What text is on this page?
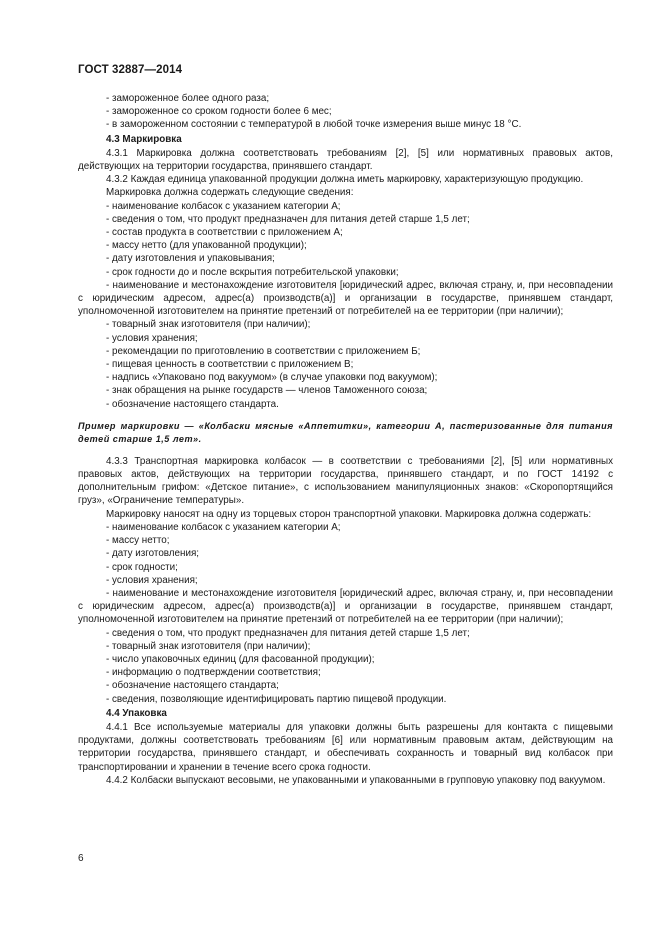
ГОСТ 32887—2014
- замороженное более одного раза;
- замороженное со сроком годности более 6 мес;
- в замороженном состоянии с температурой в любой точке измерения выше минус 18 °С.
4.3 Маркировка
4.3.1 Маркировка должна соответствовать требованиям [2], [5] или нормативных правовых актов, действующих на территории государства, принявшего стандарт.
4.3.2 Каждая единица упакованной продукции должна иметь маркировку, характеризующую продукцию.
Маркировка должна содержать следующие сведения:
- наименование колбасок с указанием категории А;
- сведения о том, что продукт предназначен для питания детей старше 1,5 лет;
- состав продукта в соответствии с приложением А;
- массу нетто (для упакованной продукции);
- дату изготовления и упаковывания;
- срок годности до и после вскрытия потребительской упаковки;
- наименование и местонахождение изготовителя [юридический адрес, включая страну, и, при несовпадении с юридическим адресом, адрес(а) производств(а)] и организации в государстве, принявшем стандарт, уполномоченной изготовителем на принятие претензий от потребителей на ее территории (при наличии);
- товарный знак изготовителя (при наличии);
- условия хранения;
- рекомендации по приготовлению в соответствии с приложением Б;
- пищевая ценность в соответствии с приложением В;
- надпись «Упаковано под вакуумом» (в случае упаковки под вакуумом);
- знак обращения на рынке государств — членов Таможенного союза;
- обозначение настоящего стандарта.
Пример маркировки — «Колбаски мясные «Аппетитки», категории А, пастеризованные для питания детей старше 1,5 лет».
4.3.3 Транспортная маркировка колбасок — в соответствии с требованиями [2], [5] или нормативных правовых актов, действующих на территории государства, принявшего стандарт, и по ГОСТ 14192 с дополнительным грифом: «Детское питание», с использованием манипуляционных знаков: «Скоропортящийся груз», «Ограничение температуры».
Маркировку наносят на одну из торцевых сторон транспортной упаковки. Маркировка должна содержать:
- наименование колбасок с указанием категории А;
- массу нетто;
- дату изготовления;
- срок годности;
- условия хранения;
- наименование и местонахождение изготовителя [юридический адрес, включая страну, и, при несовпадении с юридическим адресом, адрес(а) производств(а)] и организации в государстве, принявшем стандарт, уполномоченной изготовителем на принятие претензий от потребителей на ее территории (при наличии);
- сведения о том, что продукт предназначен для питания детей старше 1,5 лет;
- товарный знак изготовителя (при наличии);
- число упаковочных единиц (для фасованной продукции);
- информацию о подтверждении соответствия;
- обозначение настоящего стандарта;
- сведения, позволяющие идентифицировать партию пищевой продукции.
4.4 Упаковка
4.4.1 Все используемые материалы для упаковки должны быть разрешены для контакта с пищевыми продуктами, должны соответствовать требованиям [6] или нормативным правовым актам, действующим на территории государства, принявшего стандарт, и обеспечивать сохранность и товарный вид колбасок при транспортировании и хранении в течение всего срока годности.
4.4.2 Колбаски выпускают весовыми, не упакованными и упакованными в групповую упаковку под вакуумом.
6
